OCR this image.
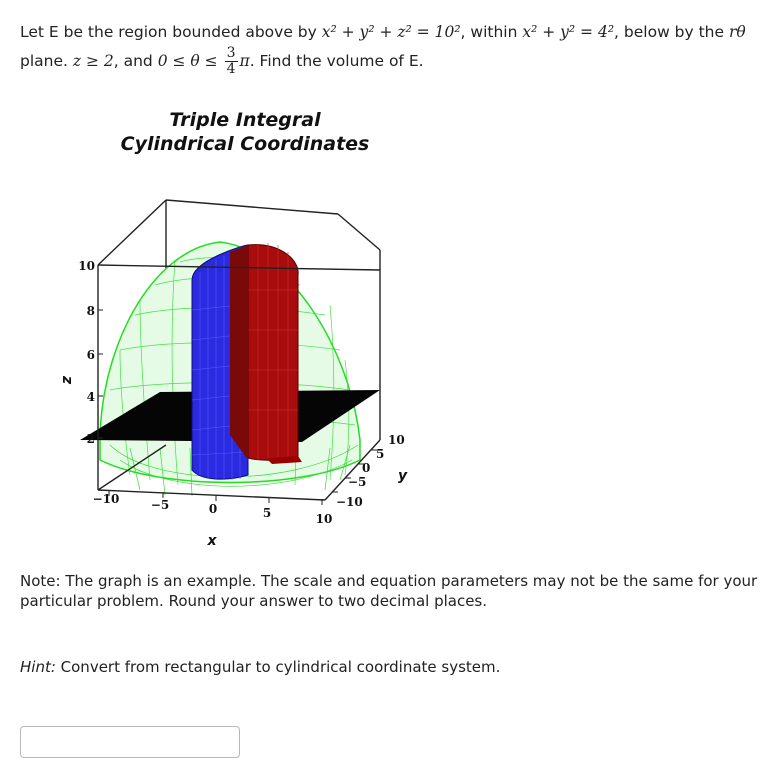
Let E be the region bounded above by x² + y² + z² = 10², within x² + y² = 4², below by the rθ
plane. z ≥ 2, and $0 \le \theta \le \frac{3}{4} \pi$. Find the volume of E.
Triple Integral
Cylindrical Coordinates
10
8
6
4
2
−10	−5	0	5	10
10
5
0
−5
−10
z
x
y
Note: The graph is an example. The scale and equation parameters may not be the same for your particular problem. Round your answer to two decimal places.
Hint: Convert from rectangular to cylindrical coordinate system.
